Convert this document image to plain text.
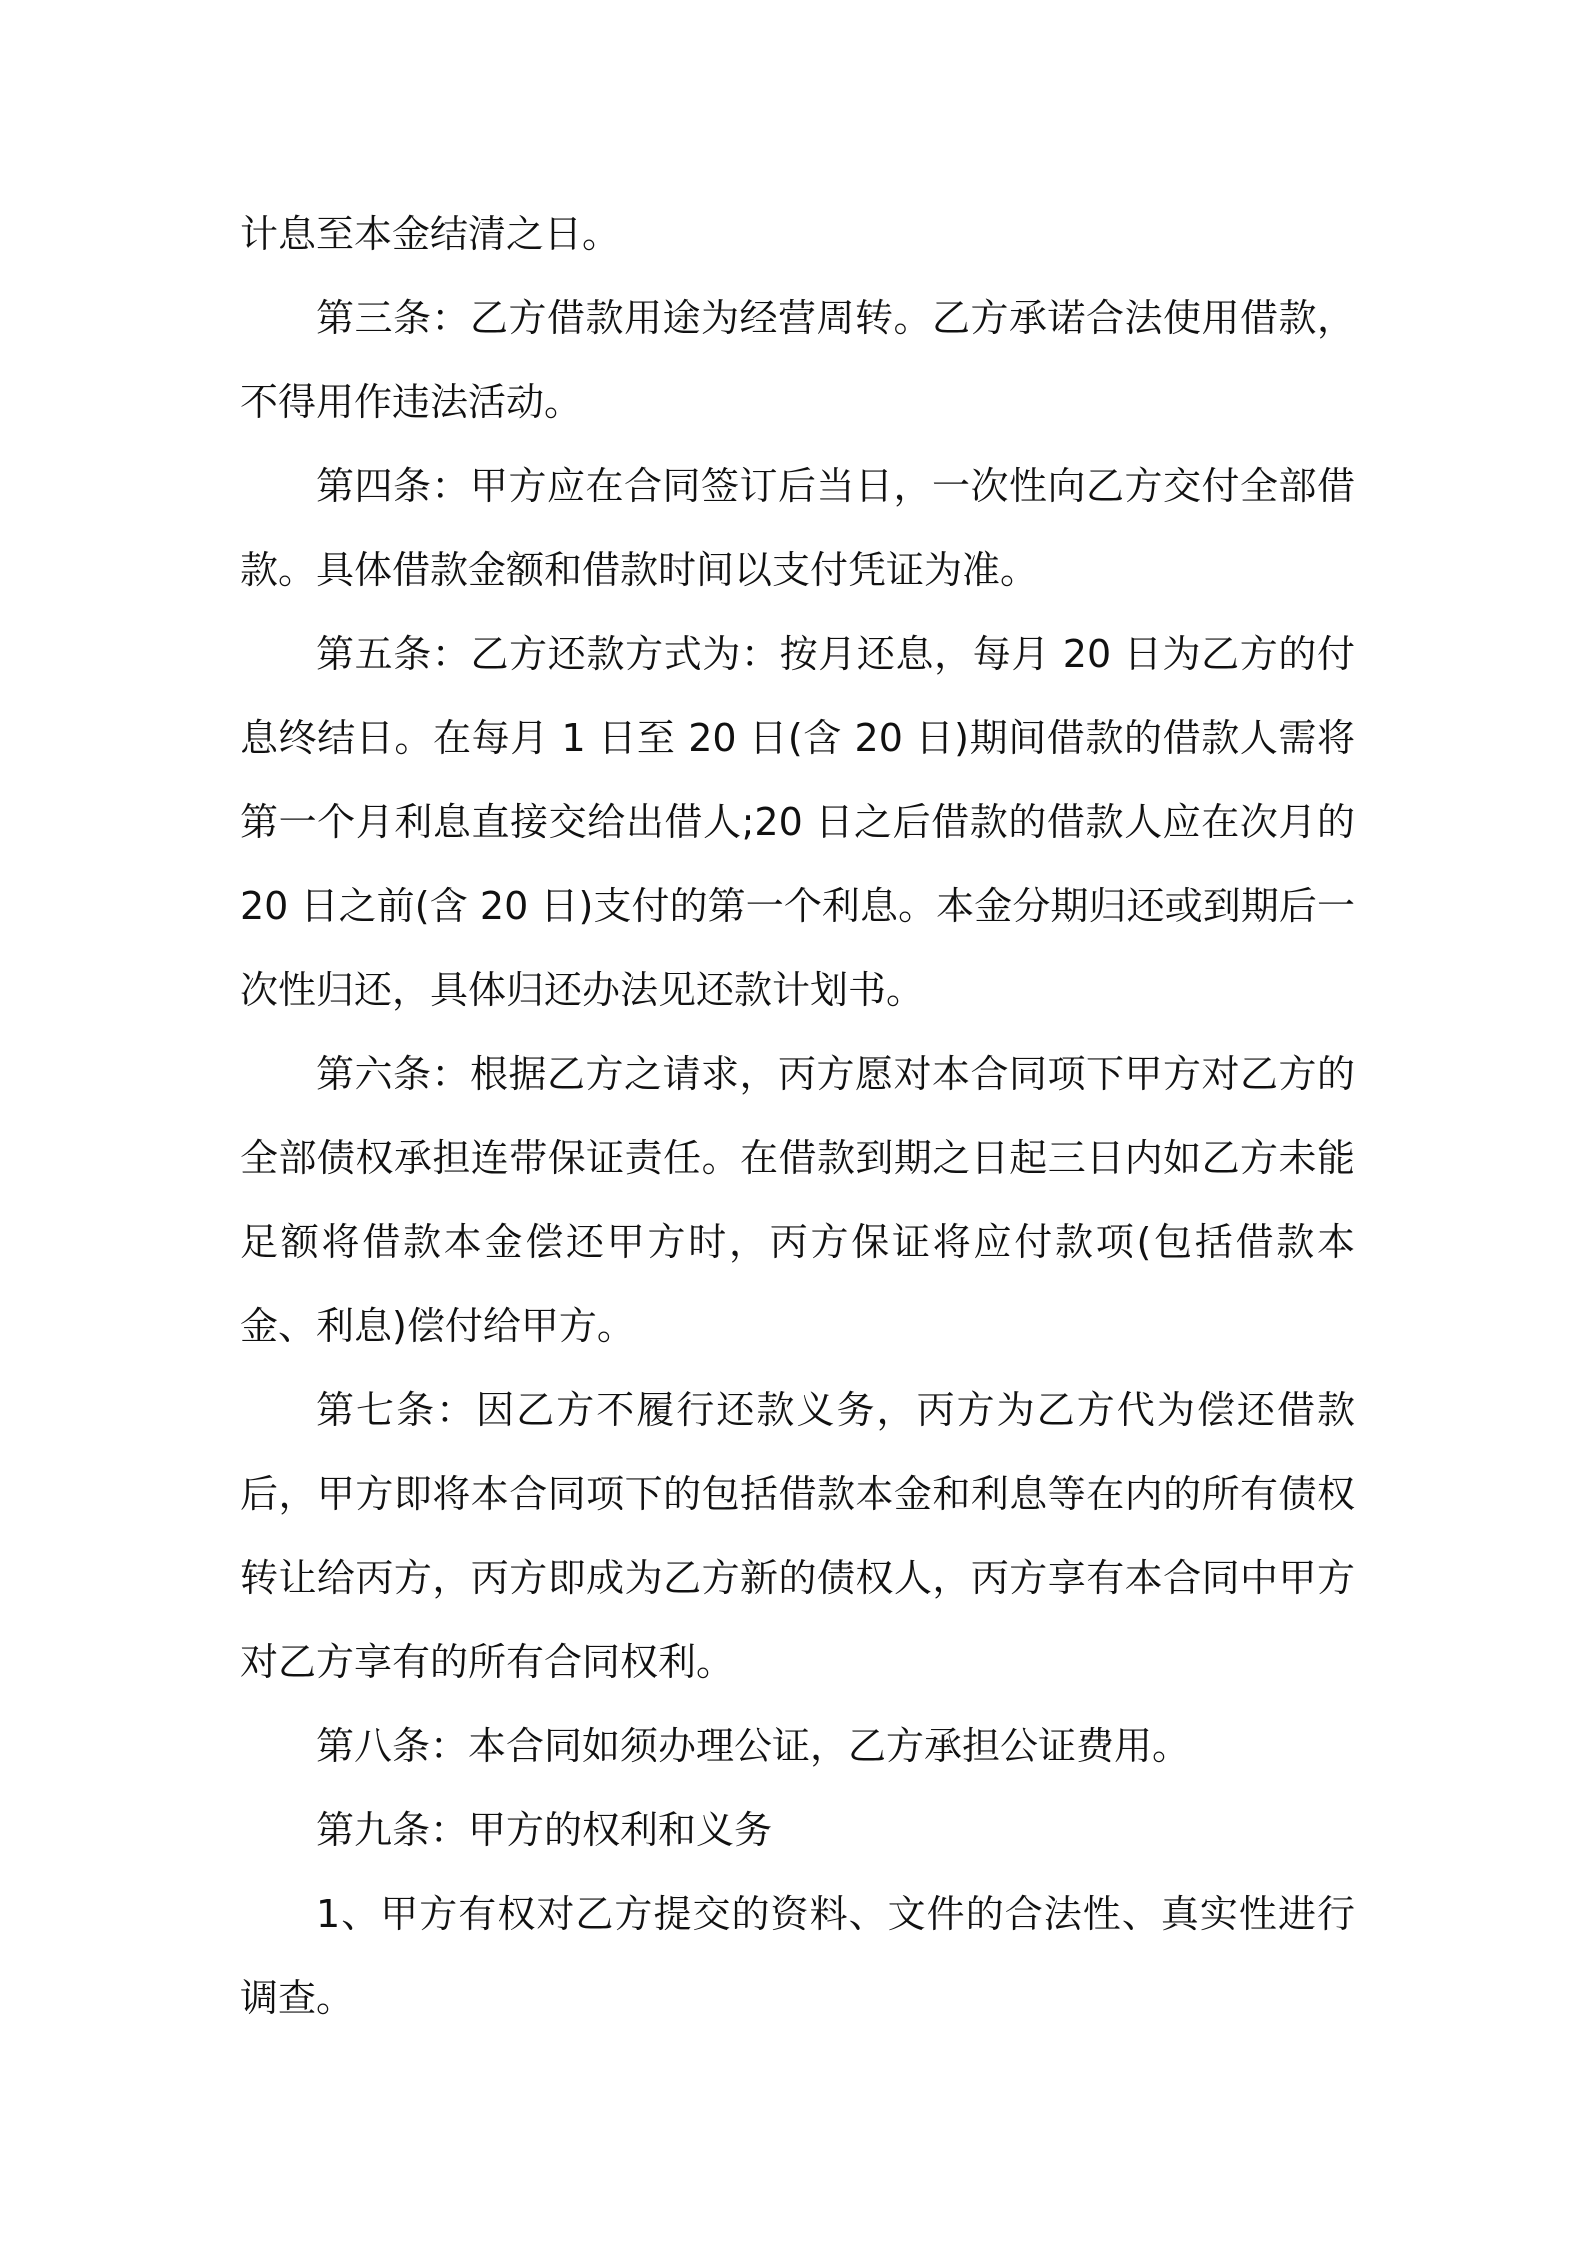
计息至本金结清之日。

第三条：乙方借款用途为经营周转。乙方承诺合法使用借款，不得用作违法活动。

第四条：甲方应在合同签订后当日，一次性向乙方交付全部借款。具体借款金额和借款时间以支付凭证为准。

第五条：乙方还款方式为：按月还息，每月 20 日为乙方的付息终结日。在每月 1 日至 20 日(含 20 日)期间借款的借款人需将第一个月利息直接交给出借人;20 日之后借款的借款人应在次月的 20 日之前(含 20 日)支付的第一个利息。本金分期归还或到期后一次性归还，具体归还办法见还款计划书。

第六条：根据乙方之请求，丙方愿对本合同项下甲方对乙方的全部债权承担连带保证责任。在借款到期之日起三日内如乙方未能足额将借款本金偿还甲方时，丙方保证将应付款项(包括借款本金、利息)偿付给甲方。

第七条：因乙方不履行还款义务，丙方为乙方代为偿还借款后，甲方即将本合同项下的包括借款本金和利息等在内的所有债权转让给丙方，丙方即成为乙方新的债权人，丙方享有本合同中甲方对乙方享有的所有合同权利。

第八条：本合同如须办理公证，乙方承担公证费用。

第九条：甲方的权利和义务

1、甲方有权对乙方提交的资料、文件的合法性、真实性进行调查。
